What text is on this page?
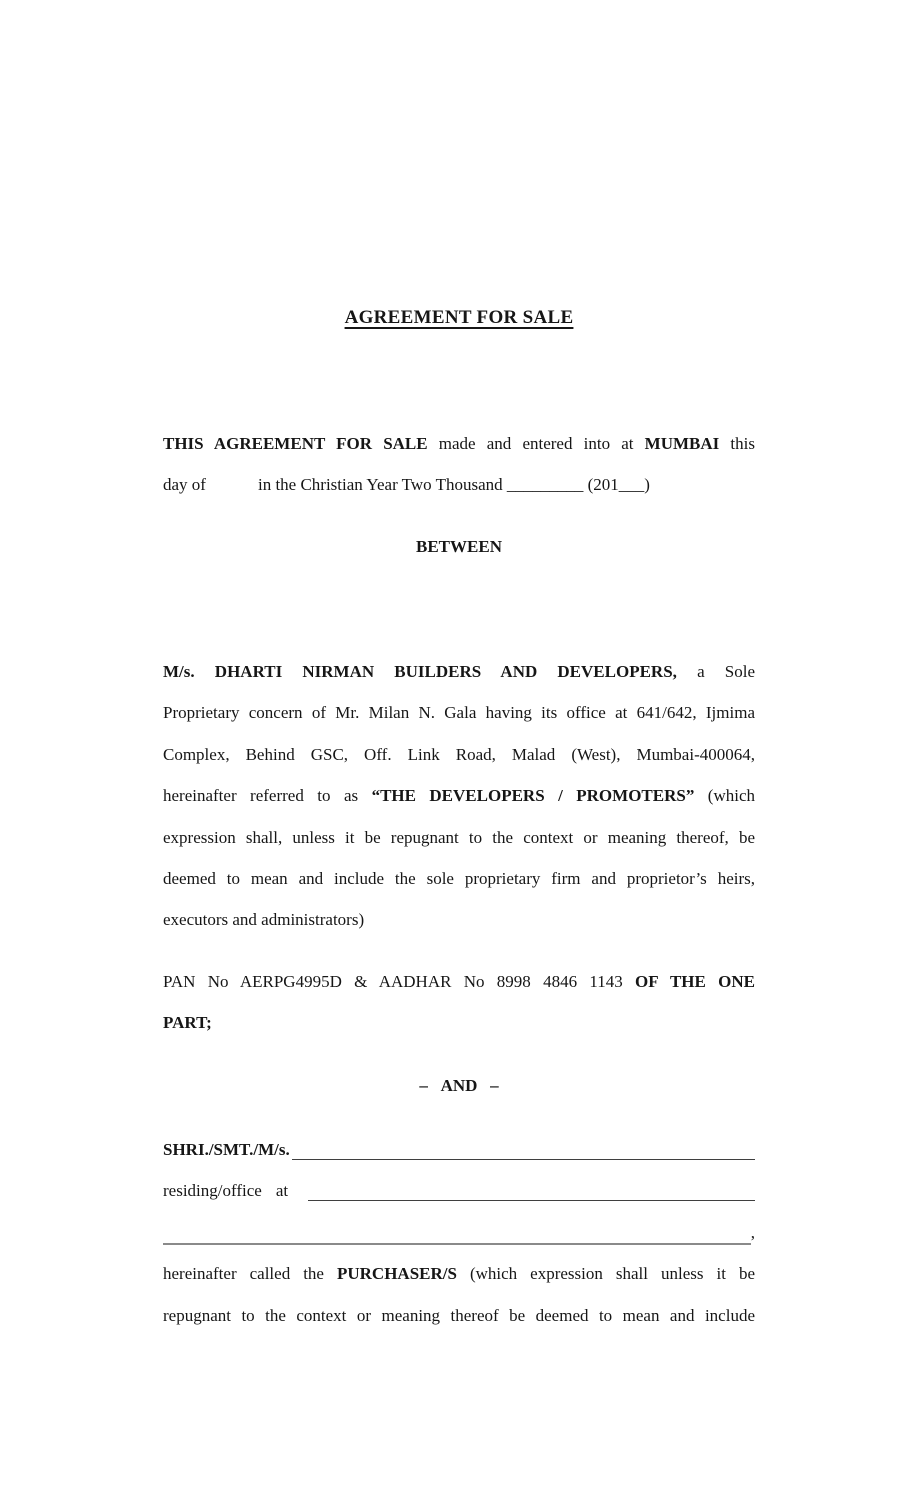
AGREEMENT FOR SALE
THIS AGREEMENT FOR SALE made and entered into at MUMBAI this
day of	in the Christian Year Two Thousand _________ (201___)
BETWEEN
M/s. DHARTI NIRMAN BUILDERS AND DEVELOPERS, a Sole
Proprietary concern of Mr. Milan N. Gala having its office at 641/642, Ijmima
Complex, Behind GSC, Off. Link Road, Malad (West), Mumbai-400064,
hereinafter referred to as “THE DEVELOPERS / PROMOTERS” (which
expression shall, unless it be repugnant to the context or meaning thereof, be
deemed to mean and include the sole proprietary firm and proprietor’s heirs,
executors and administrators)
PAN No AERPG4995D & AADHAR No 8998 4846 1143 OF THE ONE
PART;
–   AND   –
SHRI./SMT./M/s.
residing/office at
,
hereinafter called the PURCHASER/S (which expression shall unless it be
repugnant to the context or meaning thereof be deemed to mean and include
